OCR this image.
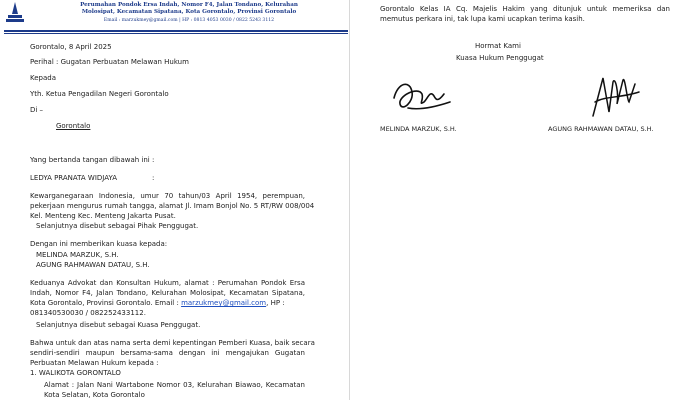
Perumahan Pondok Ersa Indah, Nomor F4, Jalan Tondano, Kelurahan
Molosipat, Kecamatan Sipatana, Kota Gorontalo, Provinsi Gorontalo
Email : marzukmey@gmail.com | HP : 0813 4053 0030 / 0822 5243 3112
Gorontalo, 8 April 2025
Perihal : Gugatan Perbuatan Melawan Hukum
Kepada
Yth. Ketua Pengadilan Negeri Gorontalo
Di –
Gorontalo
Yang bertanda tangan dibawah ini :
LEDYA PRANATA WIDJAYA	:
Kewarganegaraan Indonesia, umur 70 tahun/03 April 1954, perempuan,
pekerjaan mengurus rumah tangga, alamat Jl. Imam Bonjol No. 5 RT/RW 008/004
Kel. Menteng Kec. Menteng Jakarta Pusat.
Selanjutnya disebut sebagai Pihak Penggugat.
Dengan ini memberikan kuasa kepada:
MELINDA MARZUK, S.H.
AGUNG RAHMAWAN DATAU, S.H.
Keduanya Advokat dan Konsultan Hukum, alamat : Perumahan Pondok Ersa
Indah, Nomor F4, Jalan Tondano, Kelurahan Molosipat, Kecamatan Sipatana,
Kota Gorontalo, Provinsi Gorontalo. Email : marzukmey@gmail.com, HP :
081340530030 / 082252433112.
Selanjutnya disebut sebagai Kuasa Penggugat.
Bahwa untuk dan atas nama serta demi kepentingan Pemberi Kuasa, baik secara
sendiri-sendiri maupun bersama-sama dengan ini mengajukan Gugatan
Perbuatan Melawan Hukum kepada :
1. WALIKOTA GORONTALO
Alamat : Jalan Nani Wartabone Nomor 03, Kelurahan Biawao, Kecamatan
Kota Selatan, Kota Gorontalo
Gorontalo Kelas IA Cq. Majelis Hakim yang ditunjuk untuk memeriksa dan
memutus perkara ini, tak lupa kami ucapkan terima kasih.
Hormat Kami
Kuasa Hukum Penggugat
MELINDA MARZUK, S.H.	AGUNG RAHMAWAN DATAU, S.H.
